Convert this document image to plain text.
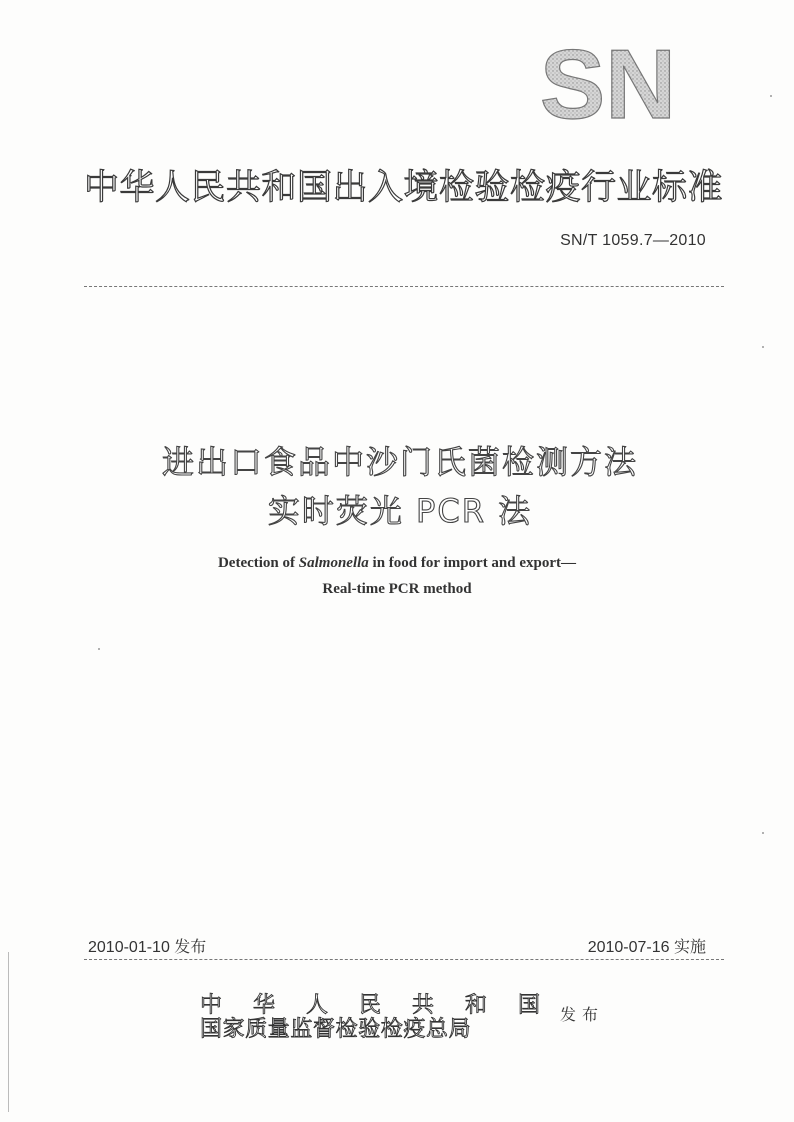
SN
中华人民共和国出入境检验检疫行业标准
SN/T 1059.7—2010
进出口食品中沙门氏菌检测方法
实时荧光 PCR 法
Detection of Salmonella in food for import and export—
Real-time PCR method
2010-01-10 发布	2010-07-16 实施
中华人民共和国
国家质量监督检验检疫总局
发布
